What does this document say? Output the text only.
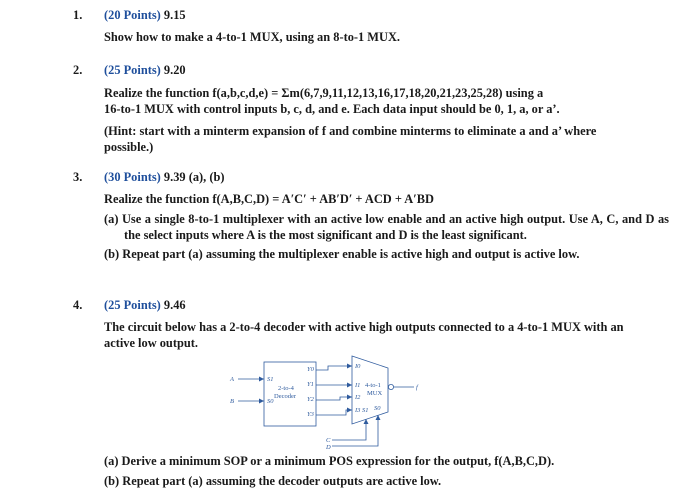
1. (20 Points) 9.15
Show how to make a 4-to-1 MUX, using an 8-to-1 MUX.
2. (25 Points) 9.20
Realize the function f(a,b,c,d,e) = Σm(6,7,9,11,12,13,16,17,18,20,21,23,25,28) using a
16-to-1 MUX with control inputs b, c, d, and e. Each data input should be 0, 1, a, or a’.
(Hint: start with a minterm expansion of f and combine minterms to eliminate a and a’ where
possible.)
3. (30 Points) 9.39 (a), (b)
Realize the function f(A,B,C,D) = A′C′ + AB′D′ + ACD + A′BD
(a) Use a single 8-to-1 multiplexer with an active low enable and an active high output. Use A, C, and D as the select inputs where A is the most significant and D is the least significant.
(b) Repeat part (a) assuming the multiplexer enable is active high and output is active low.
4. (25 Points) 9.46
The circuit below has a 2-to-4 decoder with active high outputs connected to a 4-to-1 MUX with an
active low output.
(a) Derive a minimum SOP or a minimum POS expression for the output, f(A,B,C,D).
(b) Repeat part (a) assuming the decoder outputs are active low.
A
B
S1
S0
Y0
Y1
Y2
Y3
I0
I1
I2
I3 S1 S0
C
D
f
2-to-4
Decoder
4-to-1
MUX
